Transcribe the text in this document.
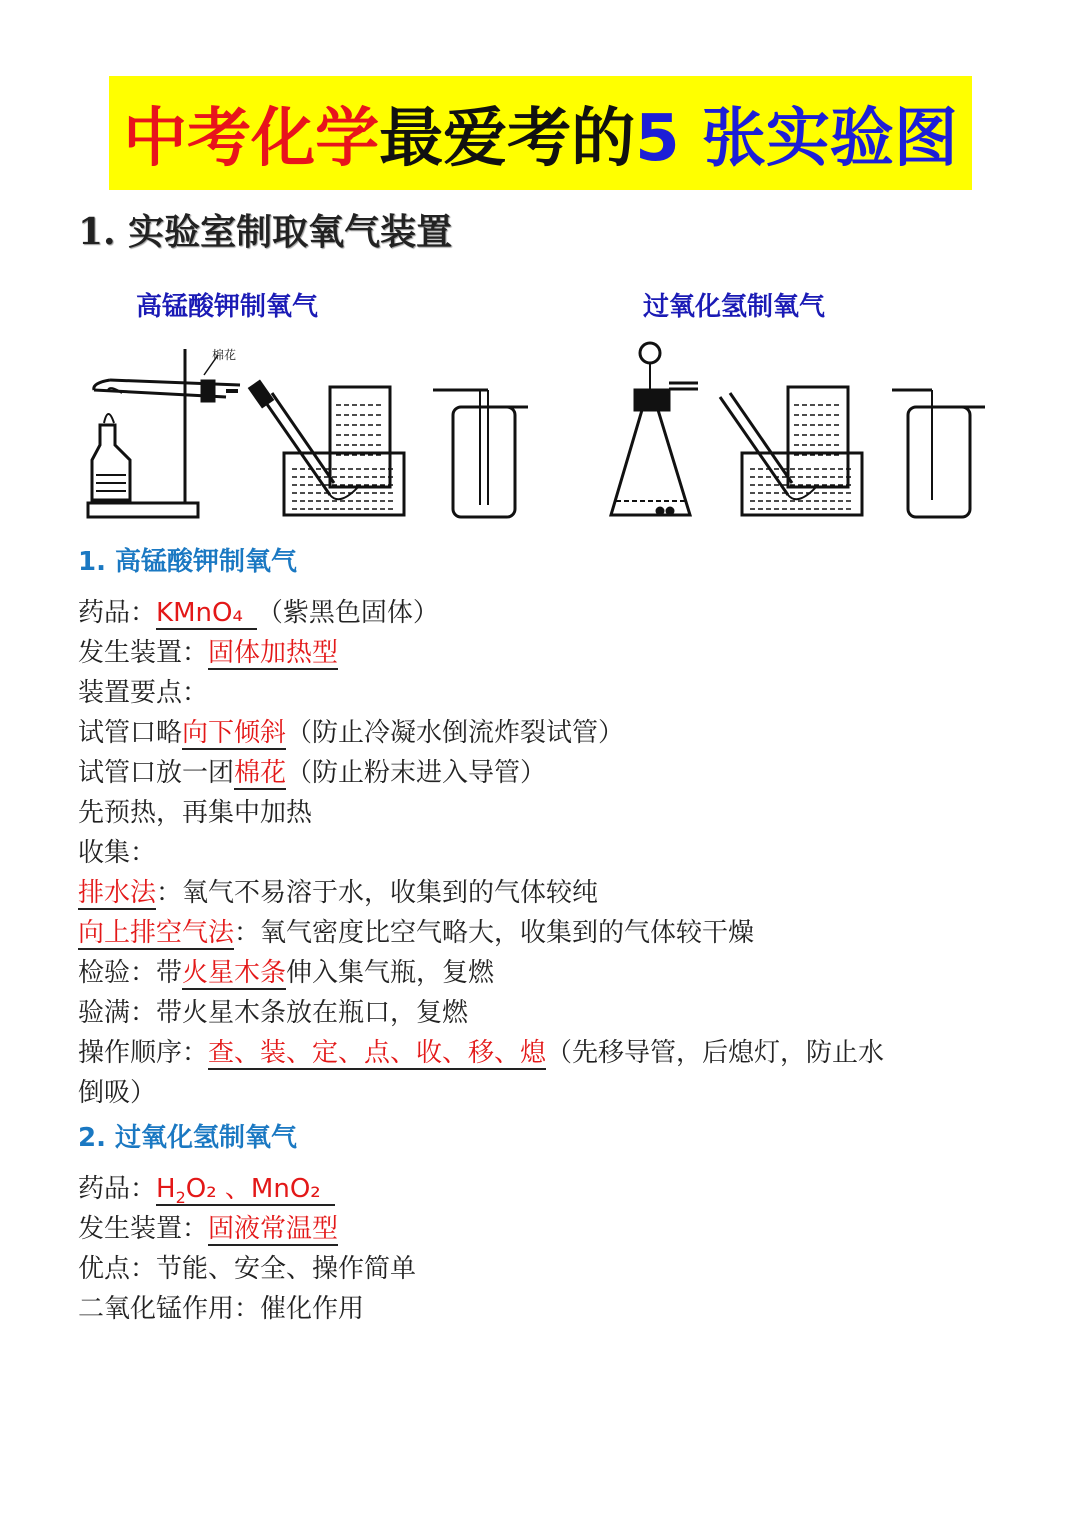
中考化学 最爱考的 5 张实验图
1. 实验室制取氧气装置
高锰酸钾制氧气	过氧化氢制氧气
棉花
1. 高锰酸钾制氧气
药品：KMnO₄ （紫黑色固体）
发生装置：固体加热型
装置要点：
试管口略向下倾斜（防止冷凝水倒流炸裂试管）
试管口放一团棉花（防止粉末进入导管）
先预热，再集中加热
收集：
排水法：氧气不易溶于水，收集到的气体较纯
向上排空气法：氧气密度比空气略大，收集到的气体较干燥
检验：带火星木条伸入集气瓶，复燃
验满：带火星木条放在瓶口，复燃
操作顺序：查、装、定、点、收、移、熄（先移导管，后熄灯，防止水
倒吸）
2. 过氧化氢制氧气
药品：$H_2O_2$ 、MnO₂
发生装置：固液常温型
优点：节能、安全、操作简单
二氧化锰作用：催化作用
